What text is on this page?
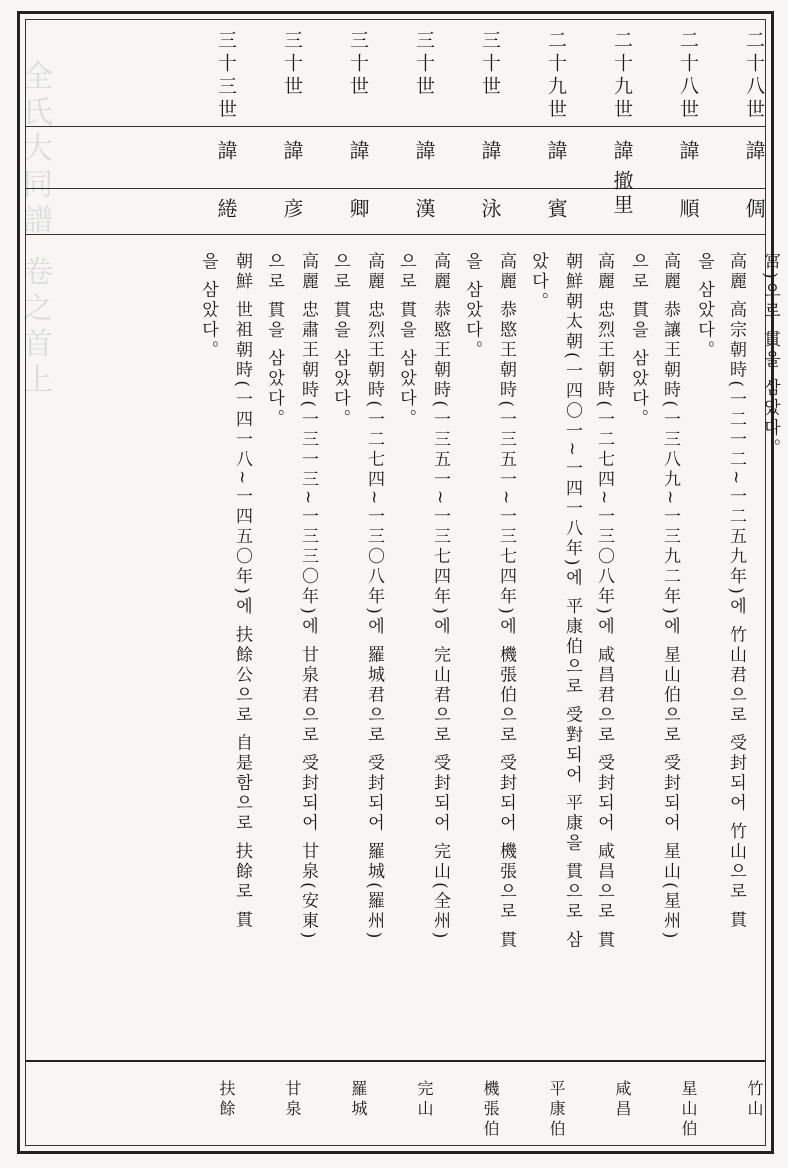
全氏大同譜 卷之首上	二十八世
諱
倜
宮)으로 貫을 삼았다。
高麗 高宗朝時(一二一二~一二五九年)에 竹山君으로 受封되어 竹山으로 貫
竹山
二十八世
諱
順
을 삼았다。
高麗 恭讓王朝時(一三八九~一三九二年)에 星山伯으로 受封되어 星山(星州)
星山伯
二十九世
諱
撤里
으로 貫을 삼았다。
高麗 忠烈王朝時(一二七四~一三〇八年)에 咸昌君으로 受封되어 咸昌으로 貫
咸昌
二十九世
諱
賓
朝鮮朝太朝(一四〇一~一四一八年)에 平康伯으로 受對되어 平康을 貫으로 삼
았다。
平康伯
三十世
諱
泳
高麗 恭愍王朝時(一三五一~一三七四年)에 機張伯으로 受封되어 機張으로 貫
을 삼았다。
機張伯
三十世
諱
漢
高麗 恭愍王朝時(一三五一~一三七四年)에 完山君으로 受封되어 完山(全州)
으로 貫을 삼았다。
完山
三十世
諱
卿
高麗 忠烈王朝時(一二七四~一三〇八年)에 羅城君으로 受封되어 羅城(羅州)
으로 貫을 삼았다。
羅城
三十世
諱
彦
高麗 忠肅王朝時(一三一三~一三三〇年)에 甘泉君으로 受封되어 甘泉(安東)
으로 貫을 삼았다。
甘泉
三十三世
諱
綣
朝鮮 世祖朝時(一四一八~一四五〇年)에 扶餘公으로 自是함으로 扶餘로 貫
을 삼았다。
扶餘
